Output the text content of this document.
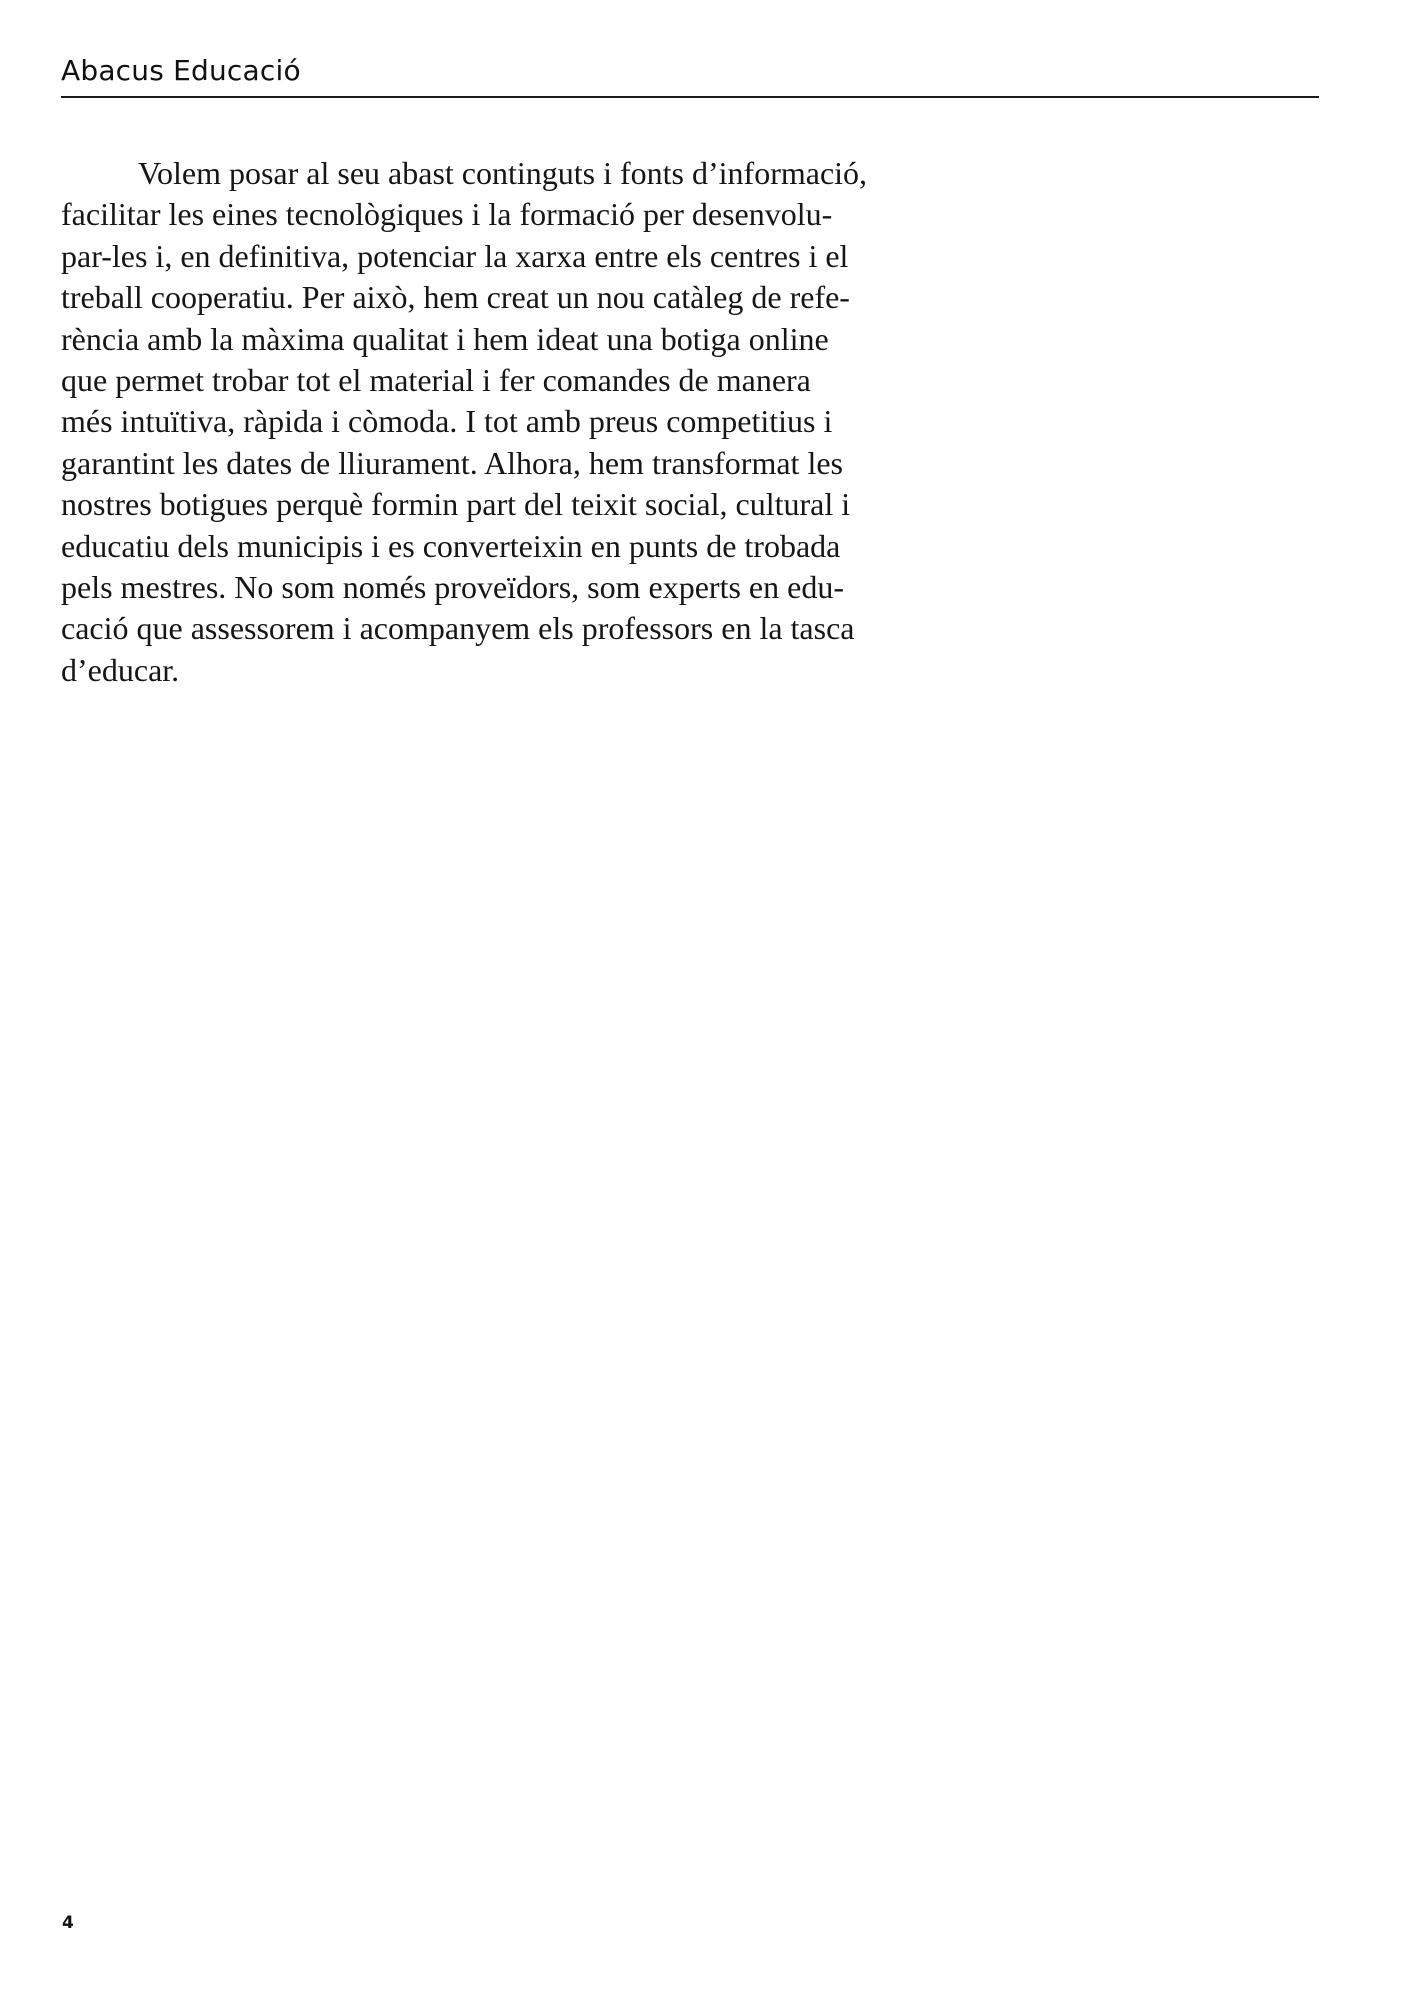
Abacus Educació
Volem posar al seu abast continguts i fonts d’informació,
facilitar les eines tecnològiques i la formació per desenvolu-
par-les i, en definitiva, potenciar la xarxa entre els centres i el
treball cooperatiu. Per això, hem creat un nou catàleg de refe-
rència amb la màxima qualitat i hem ideat una botiga online
que permet trobar tot el material i fer comandes de manera
més intuïtiva, ràpida i còmoda. I tot amb preus competitius i
garantint les dates de lliurament. Alhora, hem transformat les
nostres botigues perquè formin part del teixit social, cultural i
educatiu dels municipis i es converteixin en punts de trobada
pels mestres. No som només proveïdors, som experts en edu-
cació que assessorem i acompanyem els professors en la tasca
d’educar.
4
